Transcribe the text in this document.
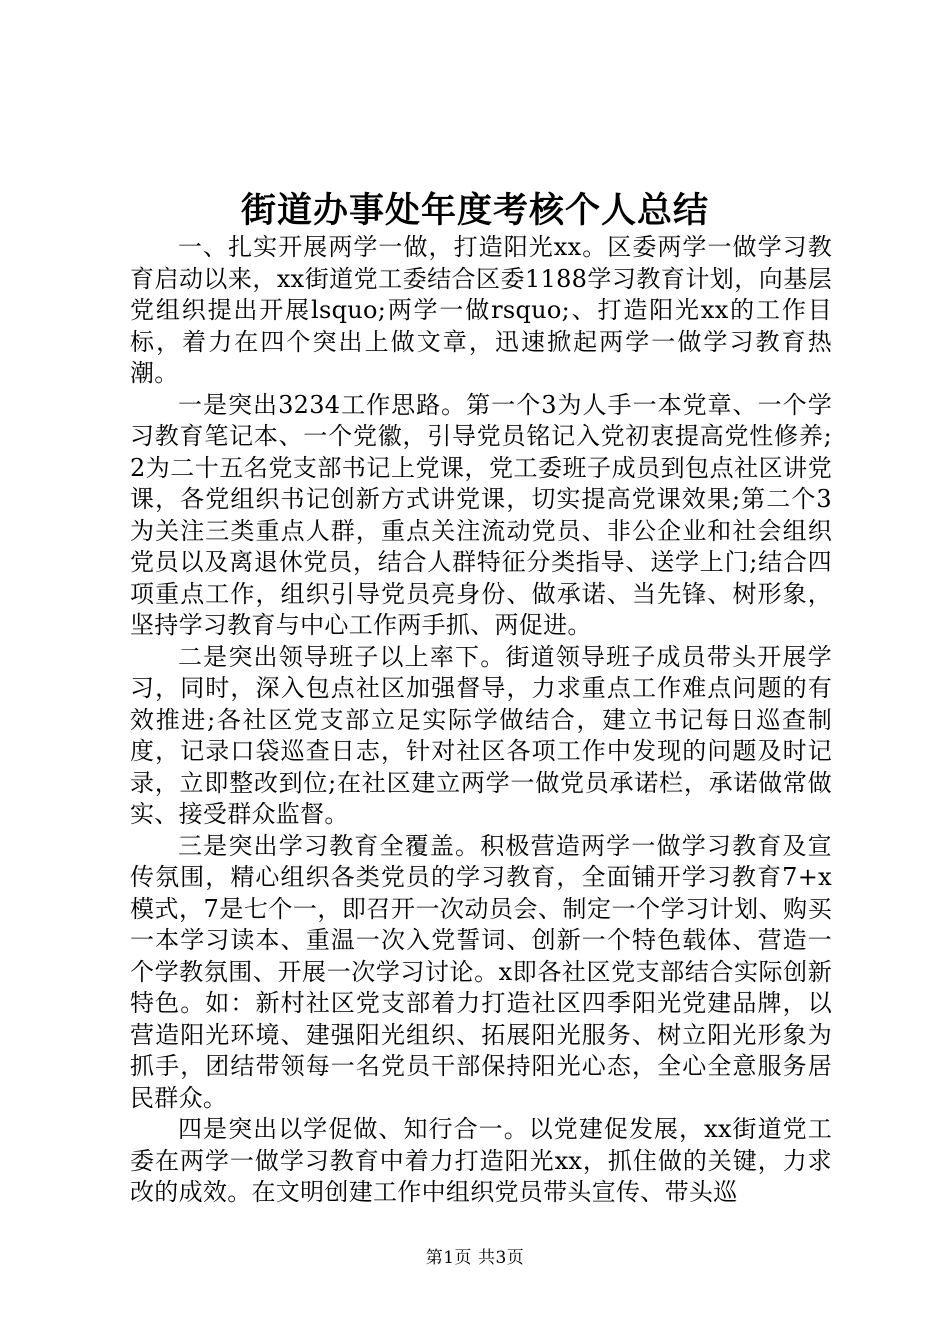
街道办事处年度考核个人总结

一、扎实开展两学一做，打造阳光xx。区委两学一做学习教育启动以来，xx街道党工委结合区委1188学习教育计划，向基层党组织提出开展lsquo;两学一做rsquo;、打造阳光xx的工作目标，着力在四个突出上做文章，迅速掀起两学一做学习教育热潮。

一是突出3234工作思路。第一个3为人手一本党章、一个学习教育笔记本、一个党徽，引导党员铭记入党初衷提高党性修养;2为二十五名党支部书记上党课，党工委班子成员到包点社区讲党课，各党组织书记创新方式讲党课，切实提高党课效果;第二个3为关注三类重点人群，重点关注流动党员、非公企业和社会组织党员以及离退休党员，结合人群特征分类指导、送学上门;结合四项重点工作，组织引导党员亮身份、做承诺、当先锋、树形象，坚持学习教育与中心工作两手抓、两促进。

二是突出领导班子以上率下。街道领导班子成员带头开展学习，同时，深入包点社区加强督导，力求重点工作难点问题的有效推进;各社区党支部立足实际学做结合，建立书记每日巡查制度，记录口袋巡查日志，针对社区各项工作中发现的问题及时记录，立即整改到位;在社区建立两学一做党员承诺栏，承诺做常做实、接受群众监督。

三是突出学习教育全覆盖。积极营造两学一做学习教育及宣传氛围，精心组织各类党员的学习教育，全面铺开学习教育7+x模式，7是七个一，即召开一次动员会、制定一个学习计划、购买一本学习读本、重温一次入党誓词、创新一个特色载体、营造一个学教氛围、开展一次学习讨论。x即各社区党支部结合实际创新特色。如：新村社区党支部着力打造社区四季阳光党建品牌，以营造阳光环境、建强阳光组织、拓展阳光服务、树立阳光形象为抓手，团结带领每一名党员干部保持阳光心态，全心全意服务居民群众。

四是突出以学促做、知行合一。以党建促发展，xx街道党工委在两学一做学习教育中着力打造阳光xx，抓住做的关键，力求改的成效。在文明创建工作中组织党员带头宣传、带头巡

第1页 共3页
